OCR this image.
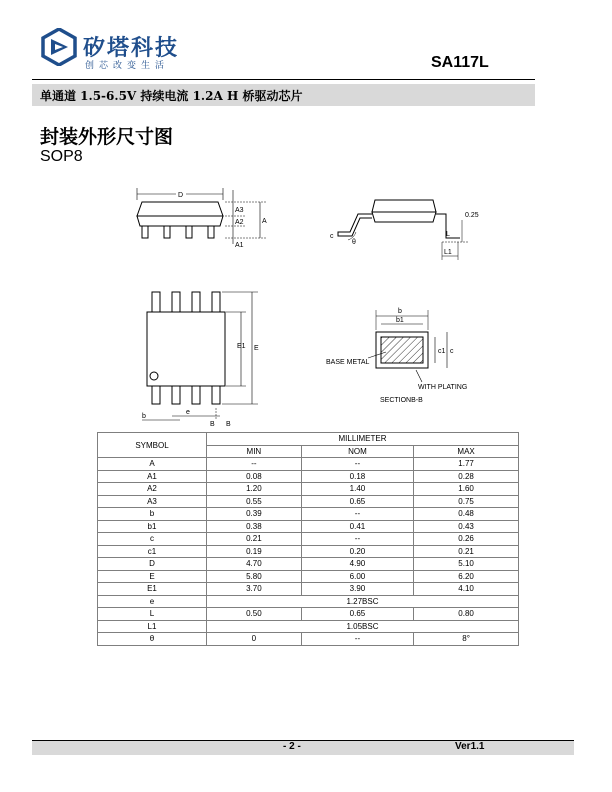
矽塔科技
创芯改变生活	SA117L
单通道 1.5-6.5V 持续电流 1.2A H 桥驱动芯片
封装外形尺寸图
SOP8
D
A3
A2	A
A1
c
θ
0.25
L
L1
E1 E
b
e
B B
b
b1
c1 c
BASE METAL
WITH PLATING
SECTIONB-B
SYMBOL	MILLIMETER		
	MIN	NOM	MAX
A	--	--	1.77
A1	0.08	0.18	0.28
A2	1.20	1.40	1.60
A3	0.55	0.65	0.75
b	0.39	--	0.48
b1	0.38	0.41	0.43
c	0.21	--	0.26
c1	0.19	0.20	0.21
D	4.70	4.90	5.10
E	5.80	6.00	6.20
E1	3.70	3.90	4.10
e	1.27BSC		
L	0.50	0.65	0.80
L1	1.05BSC		
θ	0	--	8°
- 2 -	Ver1.1
